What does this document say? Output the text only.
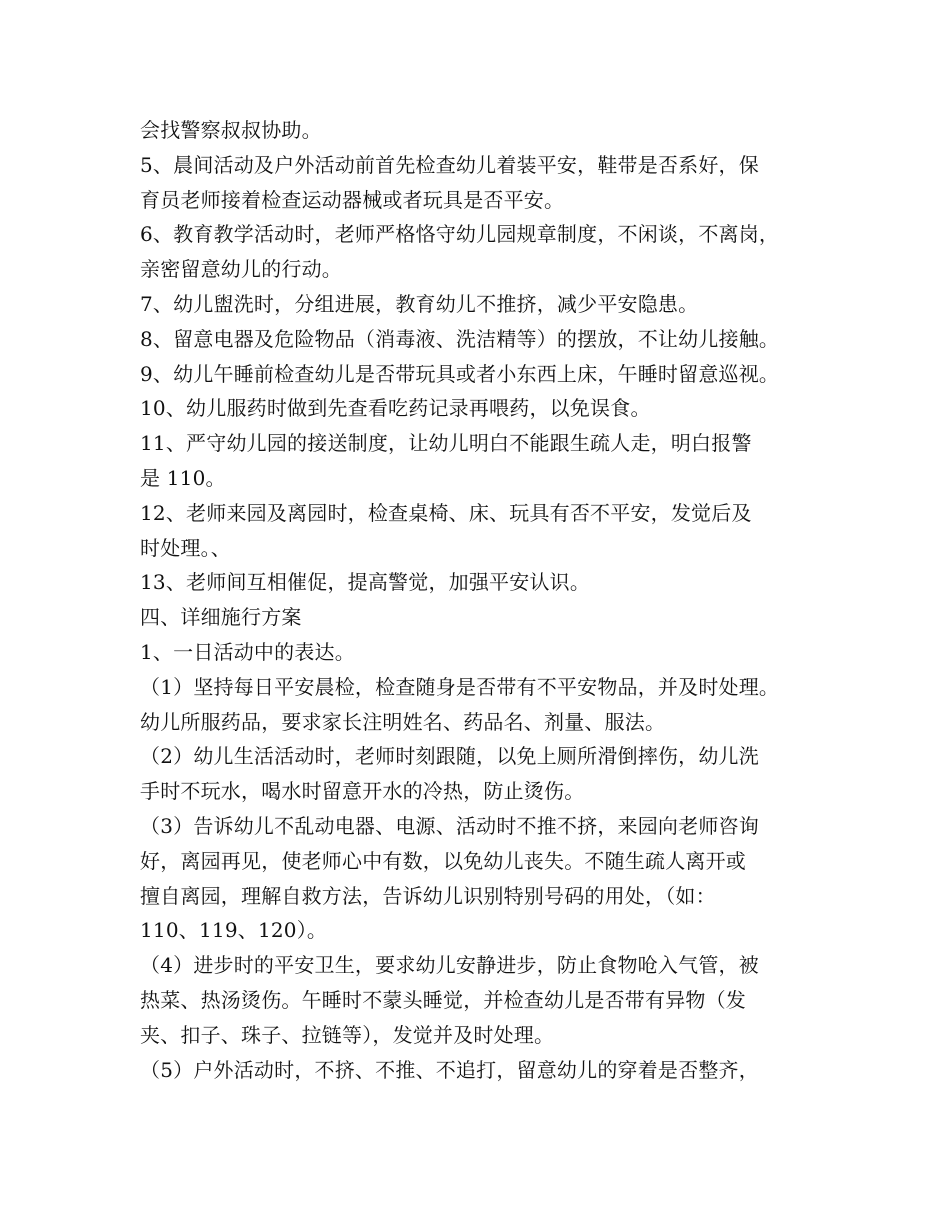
会找警察叔叔协助。
5、晨间活动及户外活动前首先检查幼儿着装平安，鞋带是否系好，保
育员老师接着检查运动器械或者玩具是否平安。
6、教育教学活动时，老师严格恪守幼儿园规章制度，不闲谈，不离岗，
亲密留意幼儿的行动。
7、幼儿盥洗时，分组进展，教育幼儿不推挤，减少平安隐患。
8、留意电器及危险物品（消毒液、洗洁精等）的摆放，不让幼儿接触。
9、幼儿午睡前检查幼儿是否带玩具或者小东西上床，午睡时留意巡视。
10、幼儿服药时做到先查看吃药记录再喂药，以免误食。
11、严守幼儿园的接送制度，让幼儿明白不能跟生疏人走，明白报警
是 110。
12、老师来园及离园时，检查桌椅、床、玩具有否不平安，发觉后及
时处理。、
13、老师间互相催促，提高警觉，加强平安认识。
四、详细施行方案
1、一日活动中的表达。
（1）坚持每日平安晨检，检查随身是否带有不平安物品，并及时处理。
幼儿所服药品，要求家长注明姓名、药品名、剂量、服法。
（2）幼儿生活活动时，老师时刻跟随，以免上厕所滑倒摔伤，幼儿洗
手时不玩水，喝水时留意开水的冷热，防止烫伤。
（3）告诉幼儿不乱动电器、电源、活动时不推不挤，来园向老师咨询
好，离园再见，使老师心中有数，以免幼儿丧失。不随生疏人离开或
擅自离园，理解自救方法，告诉幼儿识别特别号码的用处，（如：
110、119、120）。
（4）进步时的平安卫生，要求幼儿安静进步，防止食物呛入气管，被
热菜、热汤烫伤。午睡时不蒙头睡觉，并检查幼儿是否带有异物（发
夹、扣子、珠子、拉链等），发觉并及时处理。
（5）户外活动时，不挤、不推、不追打，留意幼儿的穿着是否整齐，
